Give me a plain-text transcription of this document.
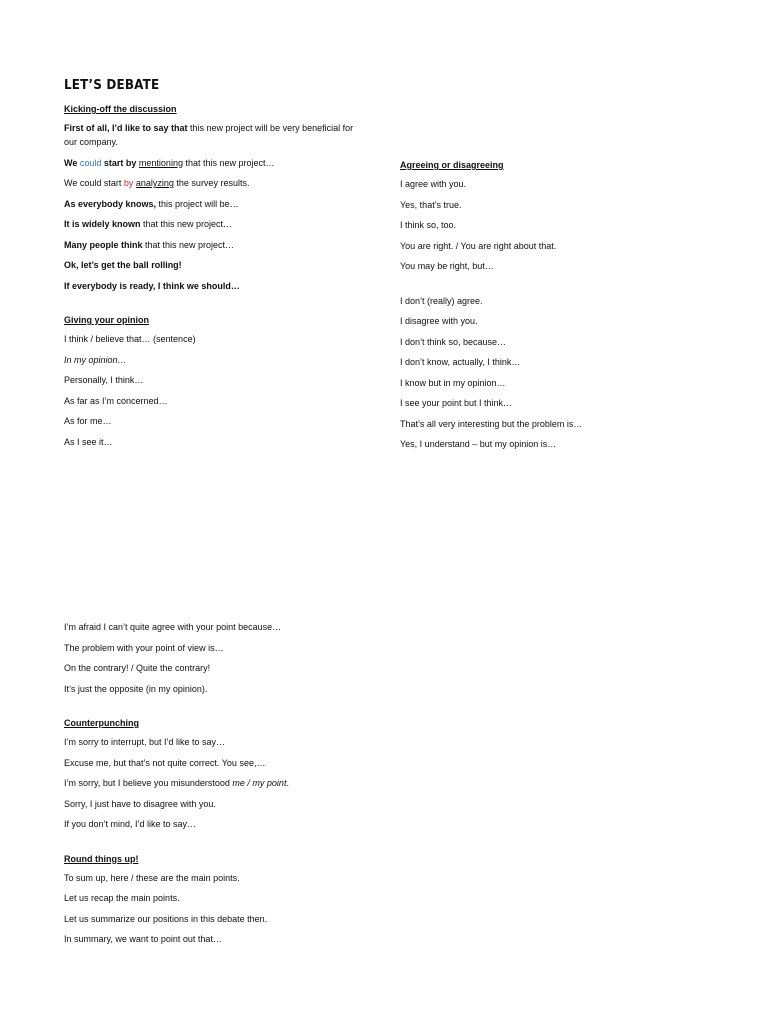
LET’S DEBATE
Kicking-off the discussion
First of all, I’d like to say that this new project will be very beneficial for our company.
We could start by mentioning that this new project…
We could start by analyzing the survey results.
As everybody knows, this project will be…
It is widely known that this new project…
Many people think that this new project…
Ok, let’s get the ball rolling!
If everybody is ready, I think we should…
Giving your opinion
I think / believe that… (sentence)
In my opinion…
Personally, I think…
As far as I’m concerned…
As for me…
As I see it…
Agreeing or disagreeing
I agree with you.
Yes, that’s true.
I think so, too.
You are right. / You are right about that.
You may be right, but…
I don’t (really) agree.
I disagree with you.
I don’t think so, because…
I don’t know, actually, I think…
I know but in my opinion…
I see your point but I think…
That’s all very interesting but the problem is…
Yes, I understand – but my opinion is…
I’m afraid I can’t quite agree with your point because…
The problem with your point of view is…
On the contrary! / Quite the contrary!
It’s just the opposite (in my opinion).
Counterpunching
I’m sorry to interrupt, but I’d like to say…
Excuse me, but that’s not quite correct. You see,…
I’m sorry, but I believe you misunderstood me / my point.
Sorry, I just have to disagree with you.
If you don’t mind, I’d like to say…
Round things up!
To sum up, here / these are the main points.
Let us recap the main points.
Let us summarize our positions in this debate then.
In summary, we want to point out that…
